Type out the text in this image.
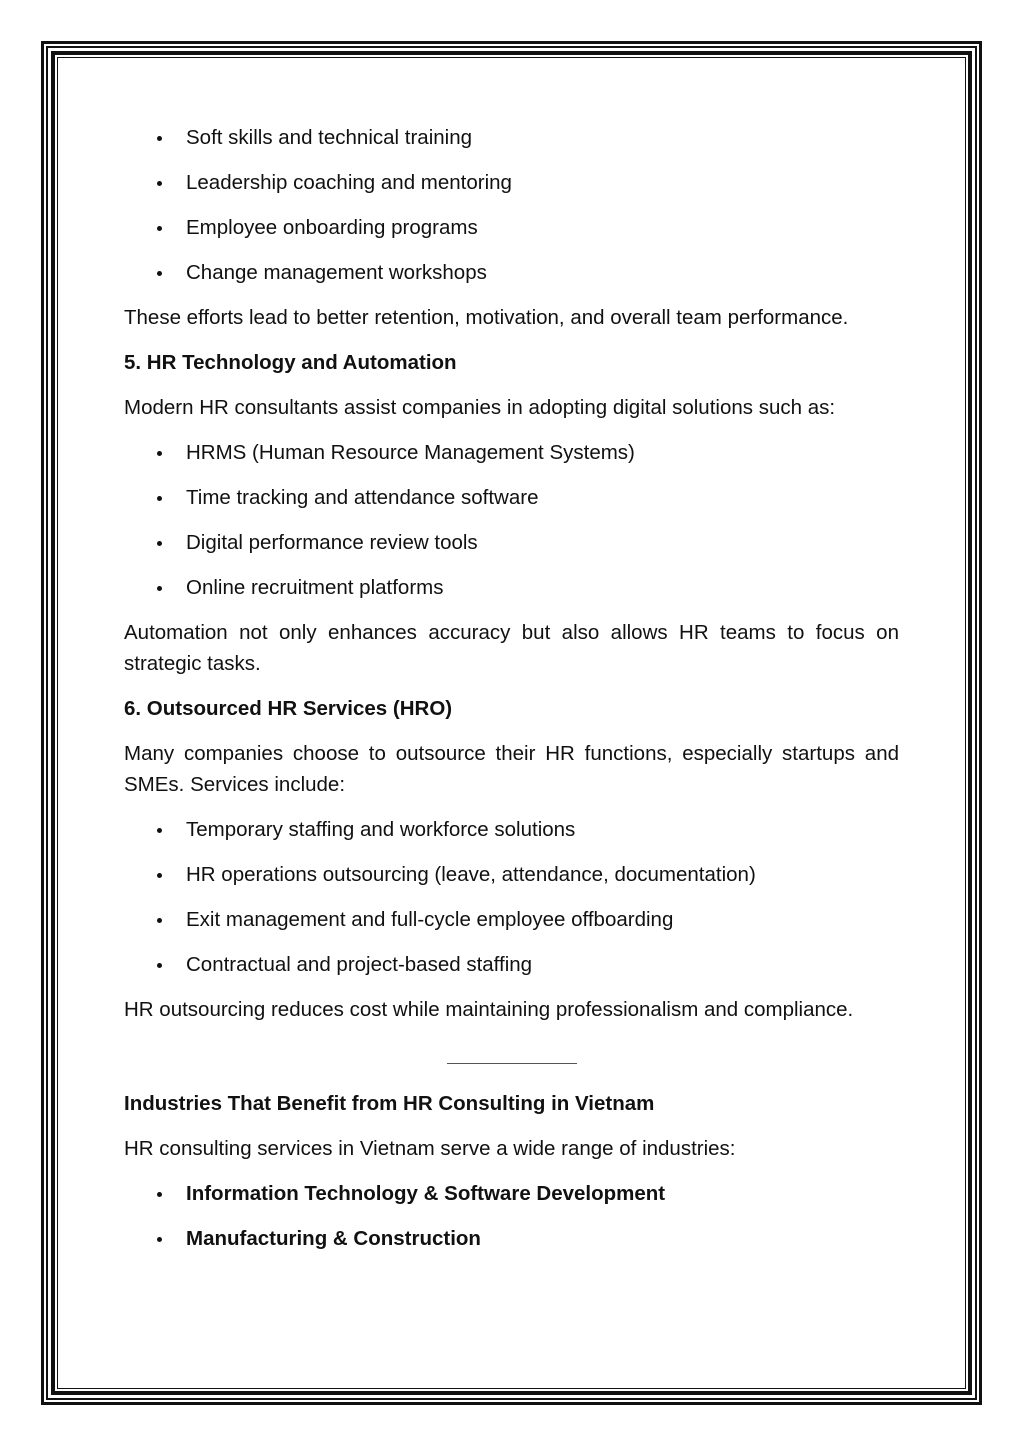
Soft skills and technical training
Leadership coaching and mentoring
Employee onboarding programs
Change management workshops

These efforts lead to better retention, motivation, and overall team performance.

5. HR Technology and Automation

Modern HR consultants assist companies in adopting digital solutions such as:

HRMS (Human Resource Management Systems)
Time tracking and attendance software
Digital performance review tools
Online recruitment platforms

Automation not only enhances accuracy but also allows HR teams to focus on strategic tasks.

6. Outsourced HR Services (HRO)

Many companies choose to outsource their HR functions, especially startups and SMEs. Services include:

Temporary staffing and workforce solutions
HR operations outsourcing (leave, attendance, documentation)
Exit management and full-cycle employee offboarding
Contractual and project-based staffing

HR outsourcing reduces cost while maintaining professionalism and compliance.

Industries That Benefit from HR Consulting in Vietnam

HR consulting services in Vietnam serve a wide range of industries:

Information Technology & Software Development
Manufacturing & Construction
